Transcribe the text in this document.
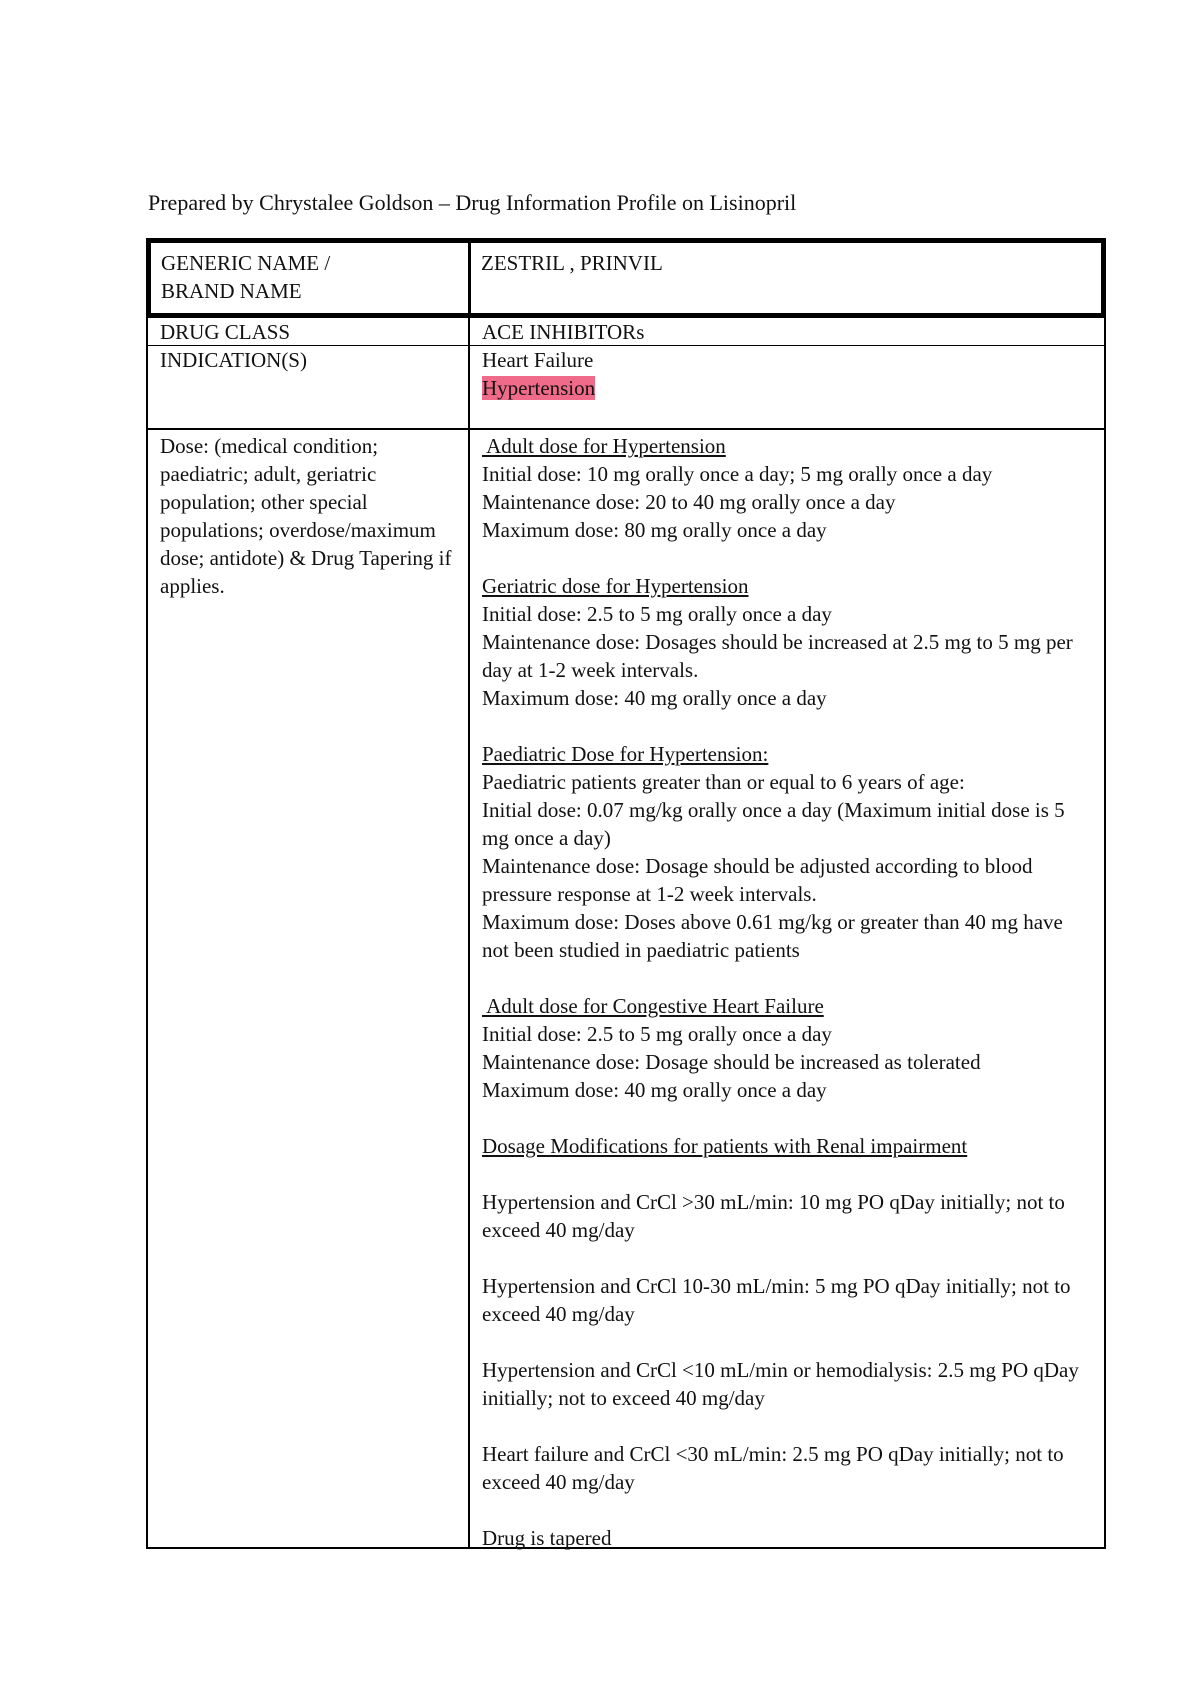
Prepared by Chrystalee Goldson – Drug Information Profile on Lisinopril
GENERIC NAME /
BRAND NAME
ZESTRIL , PRINVIL
DRUG CLASS	ACE INHIBITORs
INDICATION(S)	Heart Failure
Hypertension
Dose: (medical condition; paediatric; adult, geriatric population; other special populations; overdose/maximum dose; antidote) & Drug Tapering if applies.
Adult dose for Hypertension
Initial dose: 10 mg orally once a day; 5 mg orally once a day
Maintenance dose: 20 to 40 mg orally once a day
Maximum dose: 80 mg orally once a day
Geriatric dose for Hypertension
Initial dose: 2.5 to 5 mg orally once a day
Maintenance dose: Dosages should be increased at 2.5 mg to 5 mg per day at 1-2 week intervals.
Maximum dose: 40 mg orally once a day
Paediatric Dose for Hypertension:
Paediatric patients greater than or equal to 6 years of age:
Initial dose: 0.07 mg/kg orally once a day (Maximum initial dose is 5 mg once a day)
Maintenance dose: Dosage should be adjusted according to blood pressure response at 1-2 week intervals.
Maximum dose: Doses above 0.61 mg/kg or greater than 40 mg have not been studied in paediatric patients
Adult dose for Congestive Heart Failure
Initial dose: 2.5 to 5 mg orally once a day
Maintenance dose: Dosage should be increased as tolerated
Maximum dose: 40 mg orally once a day
Dosage Modifications for patients with Renal impairment
Hypertension and CrCl >30 mL/min: 10 mg PO qDay initially; not to exceed 40 mg/day
Hypertension and CrCl 10-30 mL/min: 5 mg PO qDay initially; not to exceed 40 mg/day
Hypertension and CrCl <10 mL/min or hemodialysis: 2.5 mg PO qDay initially; not to exceed 40 mg/day
Heart failure and CrCl <30 mL/min: 2.5 mg PO qDay initially; not to exceed 40 mg/day
Drug is tapered
